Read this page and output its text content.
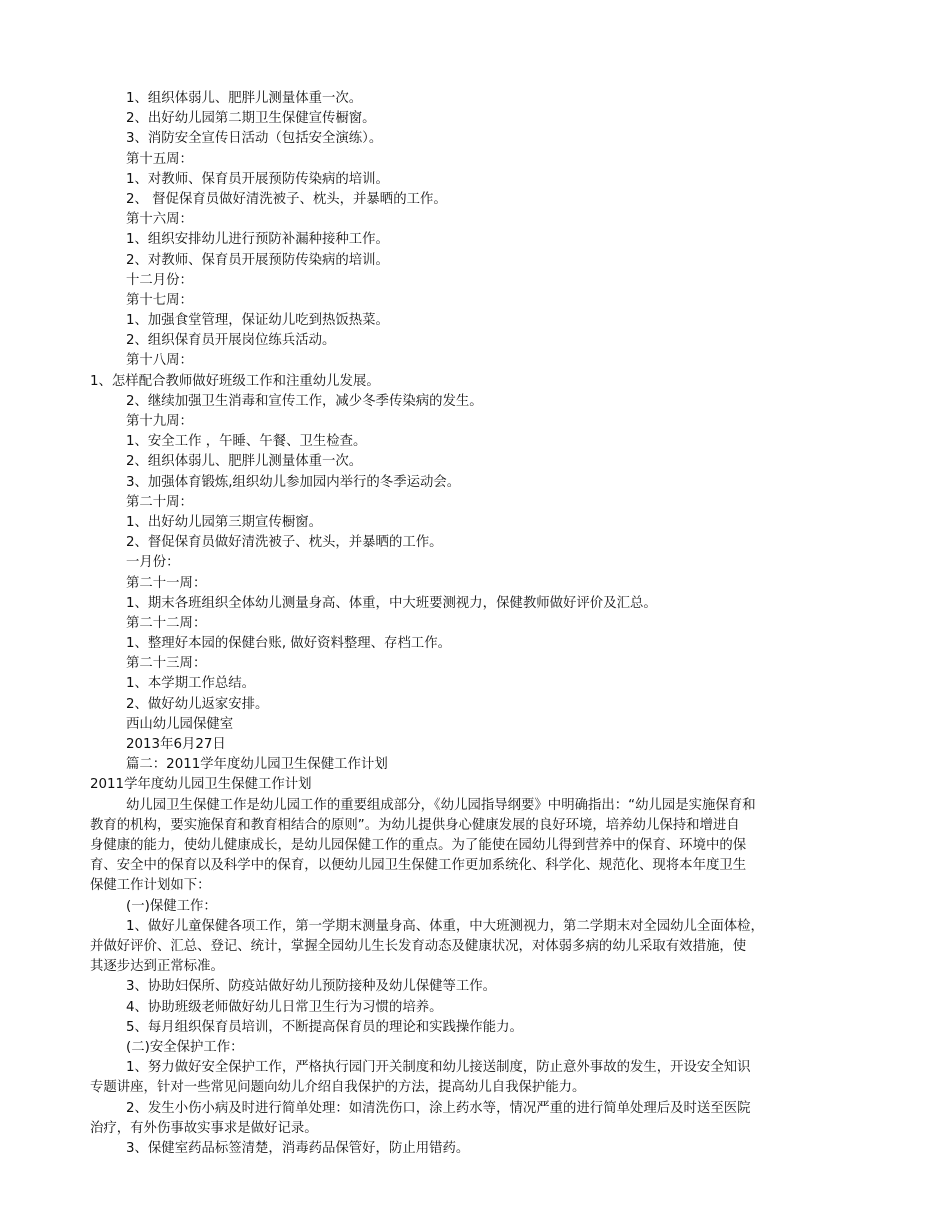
1、组织体弱儿、肥胖儿测量体重一次。
2、出好幼儿园第二期卫生保健宣传橱窗。
3、消防安全宣传日活动（包括安全演练）。
第十五周：
1、对教师、保育员开展预防传染病的培训。
2、 督促保育员做好清洗被子、枕头，并暴晒的工作。
第十六周：
1、组织安排幼儿进行预防补漏种接种工作。
2、对教师、保育员开展预防传染病的培训。
十二月份：
第十七周：
1、加强食堂管理，保证幼儿吃到热饭热菜。
2、组织保育员开展岗位练兵活动。
第十八周：
1、怎样配合教师做好班级工作和注重幼儿发展。
2、继续加强卫生消毒和宣传工作，减少冬季传染病的发生。
第十九周：
1、安全工作 ，午睡、午餐、卫生检查。
2、组织体弱儿、肥胖儿测量体重一次。
3、加强体育锻炼,组织幼儿参加园内举行的冬季运动会。
第二十周：
1、出好幼儿园第三期宣传橱窗。
2、督促保育员做好清洗被子、枕头，并暴晒的工作。
一月份：
第二十一周：
1、期末各班组织全体幼儿测量身高、体重，中大班要测视力，保健教师做好评价及汇总。
第二十二周：
1、整理好本园的保健台账, 做好资料整理、存档工作。
第二十三周：
1、本学期工作总结。
2、做好幼儿返家安排。
西山幼儿园保健室
2013年6月27日
篇二：2011学年度幼儿园卫生保健工作计划
2011学年度幼儿园卫生保健工作计划
幼儿园卫生保健工作是幼儿园工作的重要组成部分，《幼儿园指导纲要》中明确指出：“幼儿园是实施保育和
教育的机构，要实施保育和教育相结合的原则”。为幼儿提供身心健康发展的良好环境，培养幼儿保持和增进自
身健康的能力，使幼儿健康成长，是幼儿园保健工作的重点。为了能使在园幼儿得到营养中的保育、环境中的保
育、安全中的保育以及科学中的保育，以便幼儿园卫生保健工作更加系统化、科学化、规范化、现将本年度卫生
保健工作计划如下：
(一)保健工作：
1、做好儿童保健各项工作，第一学期末测量身高、体重，中大班测视力，第二学期末对全园幼儿全面体检，
并做好评价、汇总、登记、统计，掌握全园幼儿生长发育动态及健康状况，对体弱多病的幼儿采取有效措施，使
其逐步达到正常标准。
3、协助妇保所、防疫站做好幼儿预防接种及幼儿保健等工作。
4、协助班级老师做好幼儿日常卫生行为习惯的培养。
5、每月组织保育员培训，不断提高保育员的理论和实践操作能力。
(二)安全保护工作：
1、努力做好安全保护工作，严格执行园门开关制度和幼儿接送制度，防止意外事故的发生，开设安全知识
专题讲座，针对一些常见问题向幼儿介绍自我保护的方法，提高幼儿自我保护能力。
2、发生小伤小病及时进行简单处理：如清洗伤口，涂上药水等，情况严重的进行简单处理后及时送至医院
治疗，有外伤事故实事求是做好记录。
3、保健室药品标签清楚，消毒药品保管好，防止用错药。
